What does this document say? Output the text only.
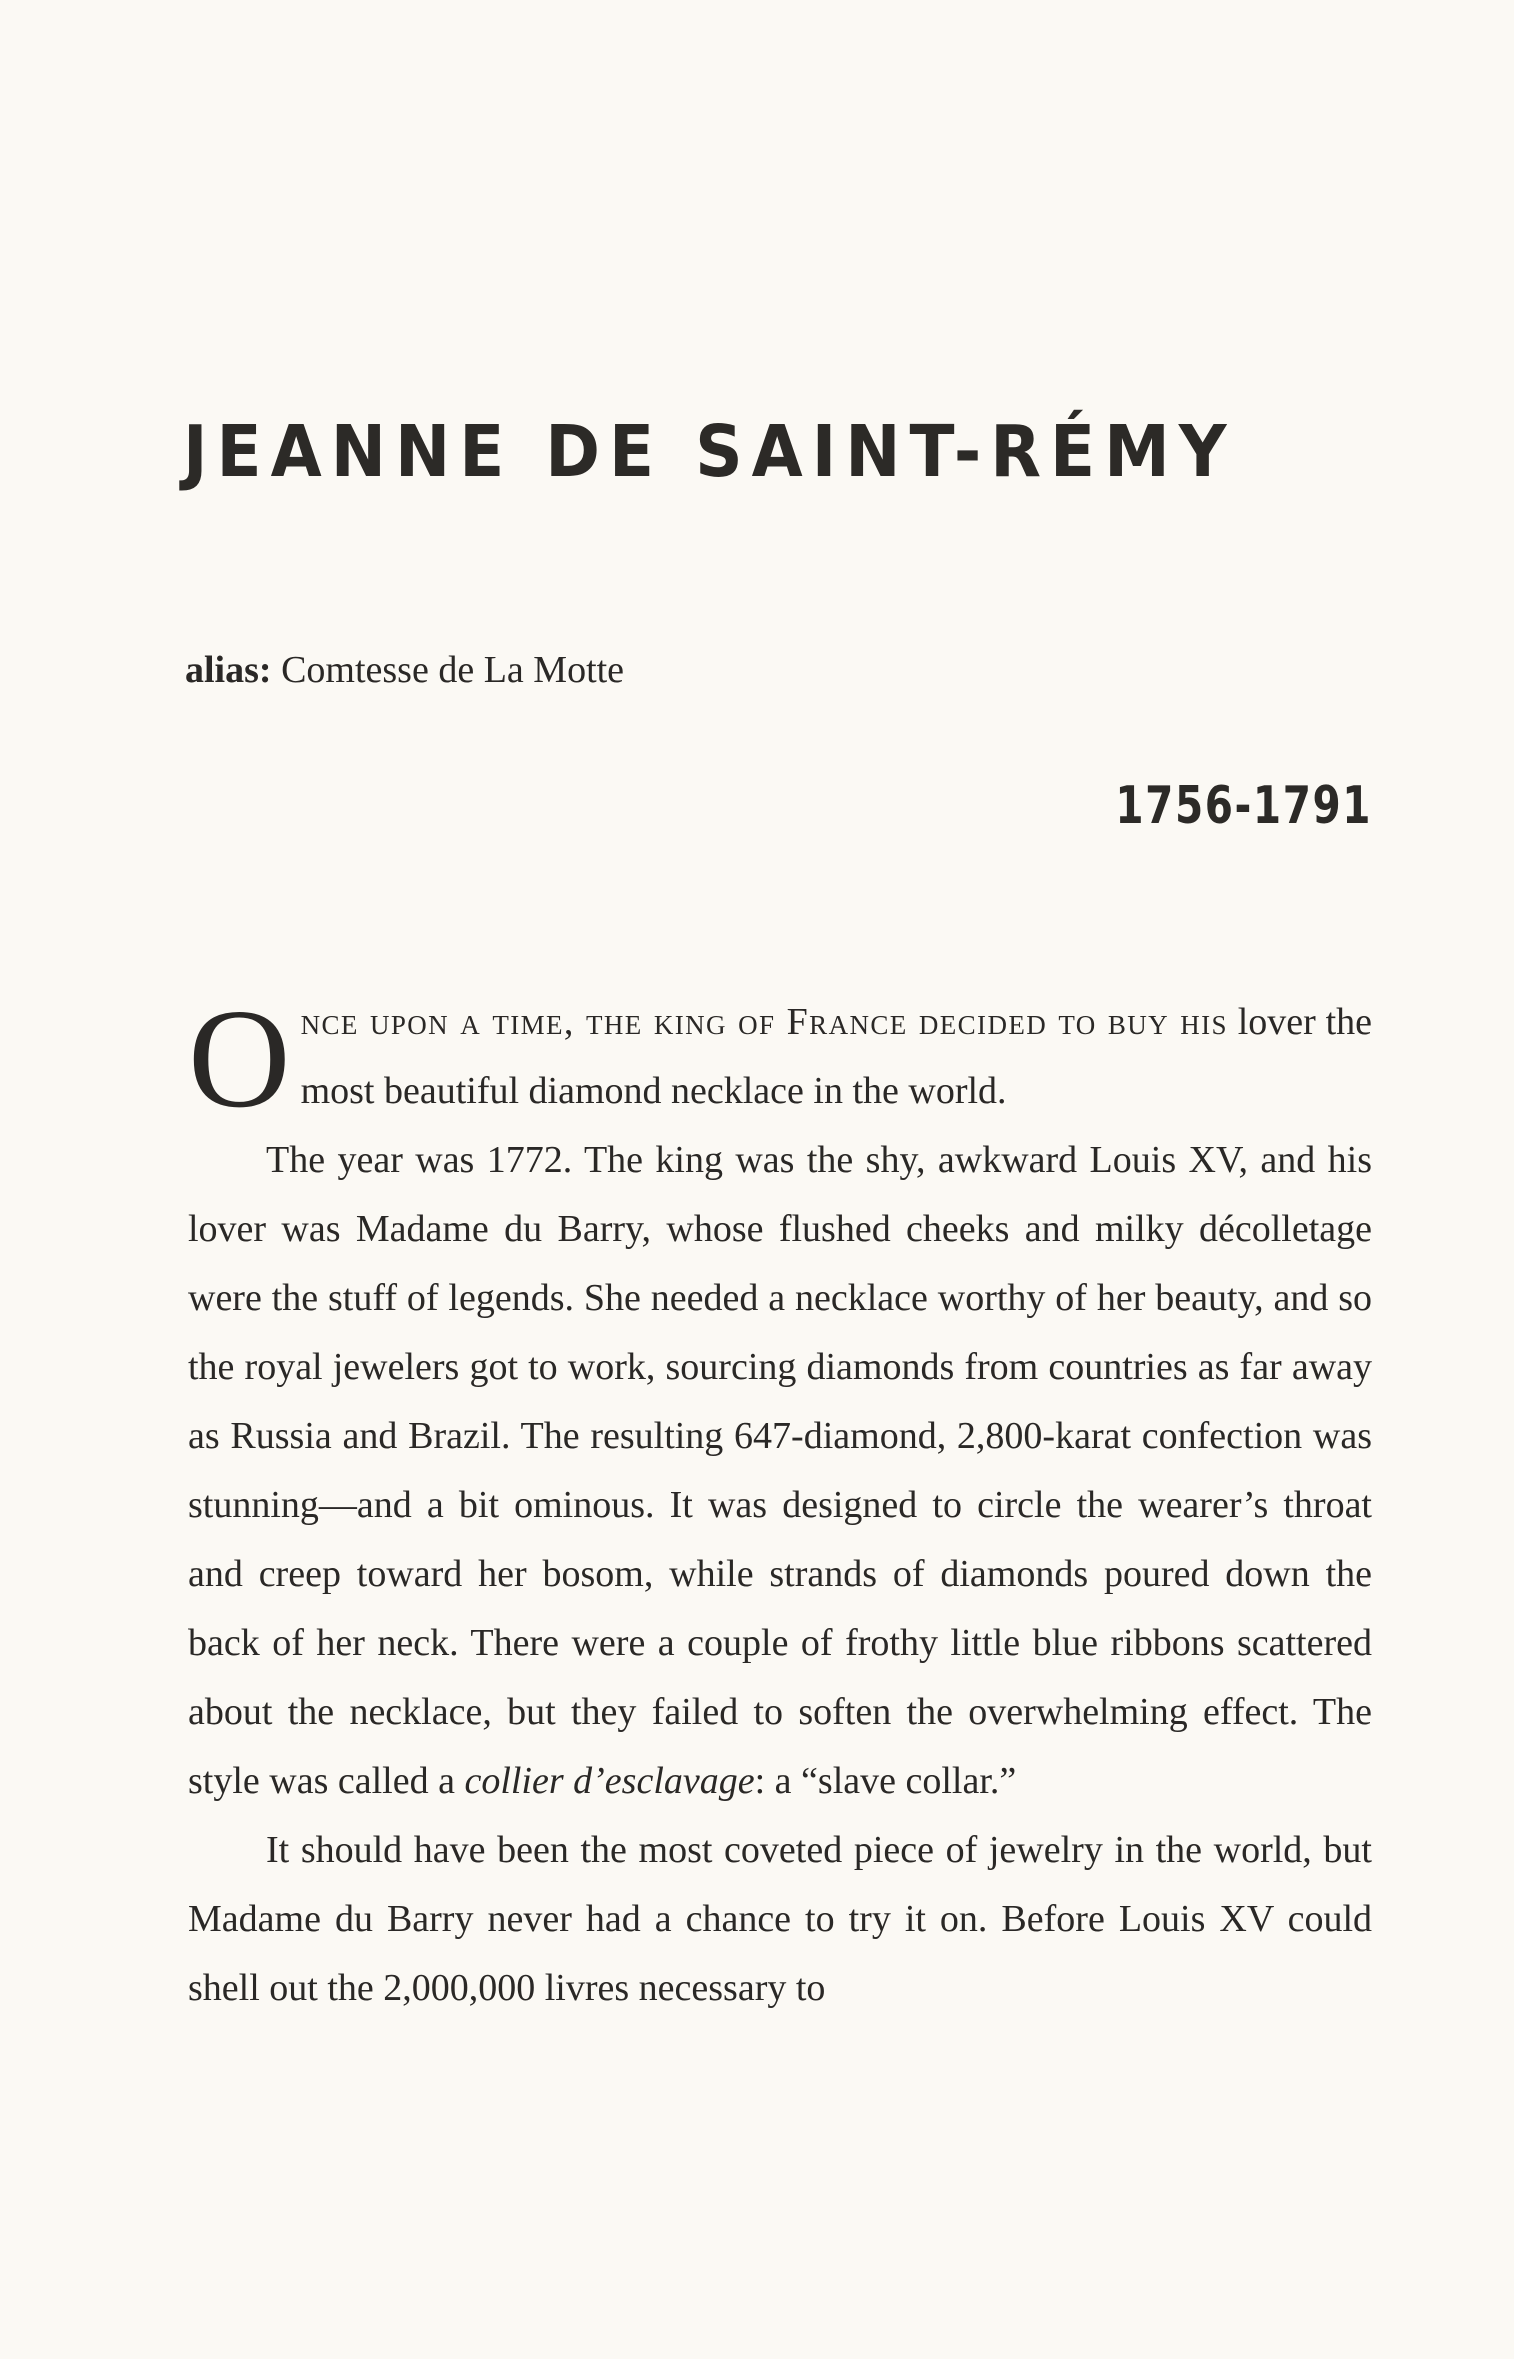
JEANNE DE SAINT-RÉMY
alias: Comtesse de La Motte
1756-1791

O nce upon a time, the king of France decided to buy his lover the most beautiful diamond necklace in the world.

The year was 1772. The king was the shy, awkward Louis XV, and his lover was Madame du Barry, whose flushed cheeks and milky décolletage were the stuff of legends. She needed a necklace worthy of her beauty, and so the royal jewelers got to work, sourcing diamonds from countries as far away as Russia and Brazil. The resulting 647-diamond, 2,800-karat confection was stunning—and a bit ominous. It was designed to circle the wearer’s throat and creep toward her bosom, while strands of diamonds poured down the back of her neck. There were a couple of frothy little blue ribbons scattered about the necklace, but they failed to soften the overwhelming effect. The style was called a collier d’esclavage: a “slave collar.”

It should have been the most coveted piece of jewelry in the world, but Madame du Barry never had a chance to try it on. Before Louis XV could shell out the 2,000,000 livres necessary to
